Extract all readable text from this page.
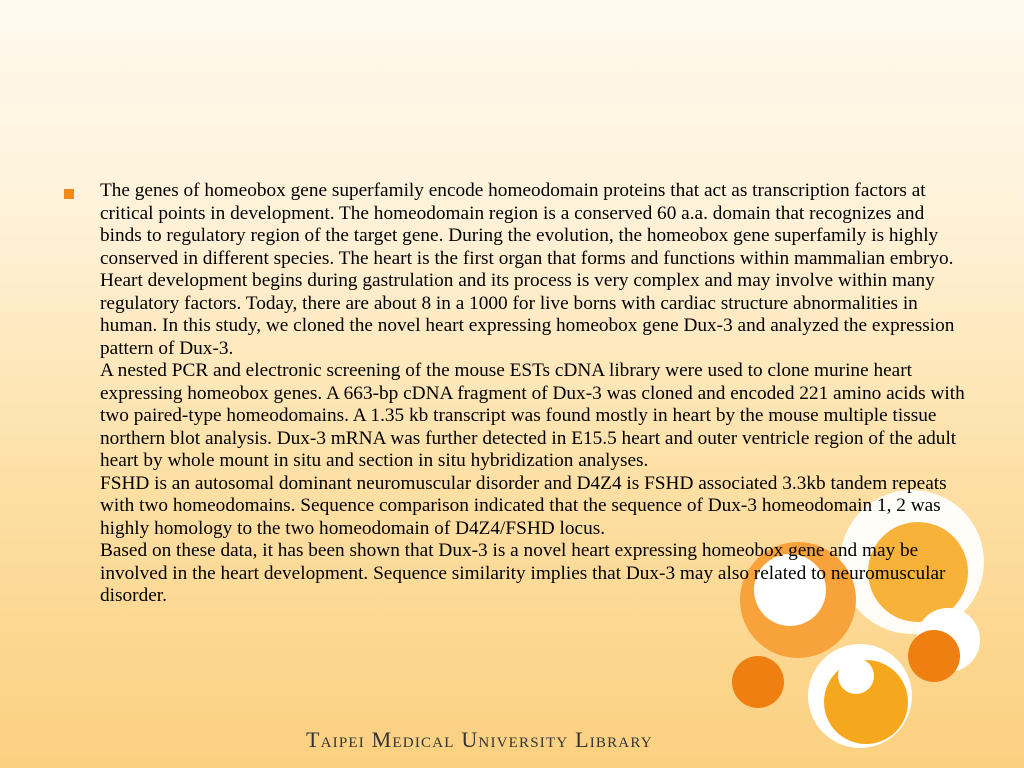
The genes of homeobox gene superfamily encode homeodomain proteins that act as transcription factors at critical points in development. The homeodomain region is a conserved 60 a.a. domain that recognizes and binds to regulatory region of the target gene. During the evolution, the homeobox gene superfamily is highly conserved in different species. The heart is the first organ that forms and functions within mammalian embryo. Heart development begins during gastrulation and its process is very complex and may involve within many regulatory factors. Today, there are about 8 in a 1000 for live borns with cardiac structure abnormalities in human. In this study, we cloned the novel heart expressing homeobox gene Dux-3 and analyzed the expression pattern of Dux-3.
A nested PCR and electronic screening of the mouse ESTs cDNA library were used to clone murine heart expressing homeobox genes. A 663-bp cDNA fragment of Dux-3 was cloned and encoded 221 amino acids with two paired-type homeodomains. A 1.35 kb transcript was found mostly in heart by the mouse multiple tissue northern blot analysis. Dux-3 mRNA was further detected in E15.5 heart and outer ventricle region of the adult heart by whole mount in situ and section in situ hybridization analyses.
FSHD is an autosomal dominant neuromuscular disorder and D4Z4 is FSHD associated 3.3kb tandem repeats with two homeodomains. Sequence comparison indicated that the sequence of Dux-3 homeodomain 1, 2 was highly homology to the two homeodomain of D4Z4/FSHD locus.
Based on these data, it has been shown that Dux-3 is a novel heart expressing homeobox gene and may be involved in the heart development. Sequence similarity implies that Dux-3 may also related to neuromuscular disorder.
Taipei Medical University Library
